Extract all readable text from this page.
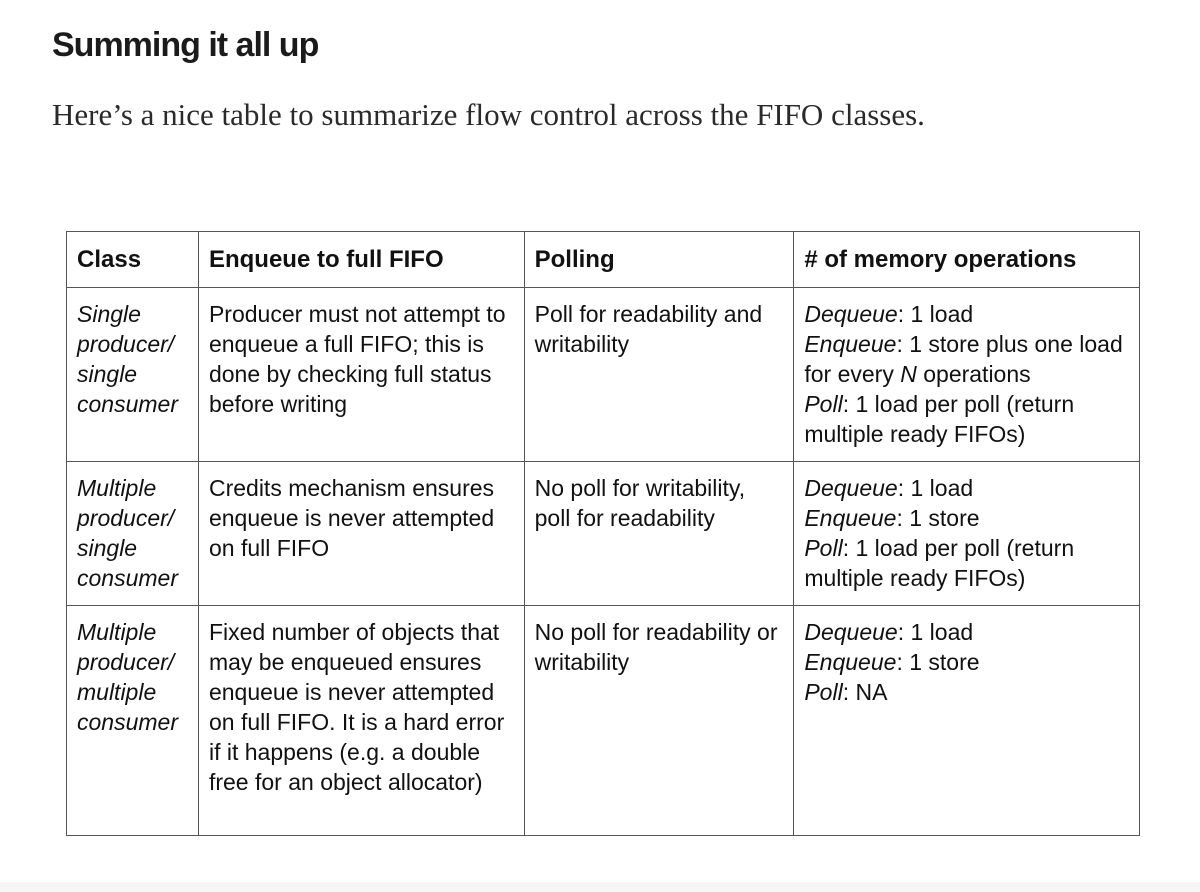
Summing it all up

Here’s a nice table to summarize flow control across the FIFO classes.

Class	Enqueue to full FIFO	Polling	# of memory operations

Single
producer/
single
consumer	Producer must not attempt to enqueue a full FIFO; this is done by checking full status before writing	Poll for readability and writability	Dequeue: 1 load
Enqueue: 1 store plus one load for every N operations
Poll: 1 load per poll (return multiple ready FIFOs)

Multiple
producer/
single
consumer	Credits mechanism ensures enqueue is never attempted on full FIFO	No poll for writability, poll for readability	Dequeue: 1 load
Enqueue: 1 store
Poll: 1 load per poll (return multiple ready FIFOs)

Multiple
producer/
multiple
consumer	Fixed number of objects that may be enqueued ensures enqueue is never attempted on full FIFO. It is a hard error if it happens (e.g. a double free for an object allocator)	No poll for readability or writability	Dequeue: 1 load
Enqueue: 1 store
Poll: NA
